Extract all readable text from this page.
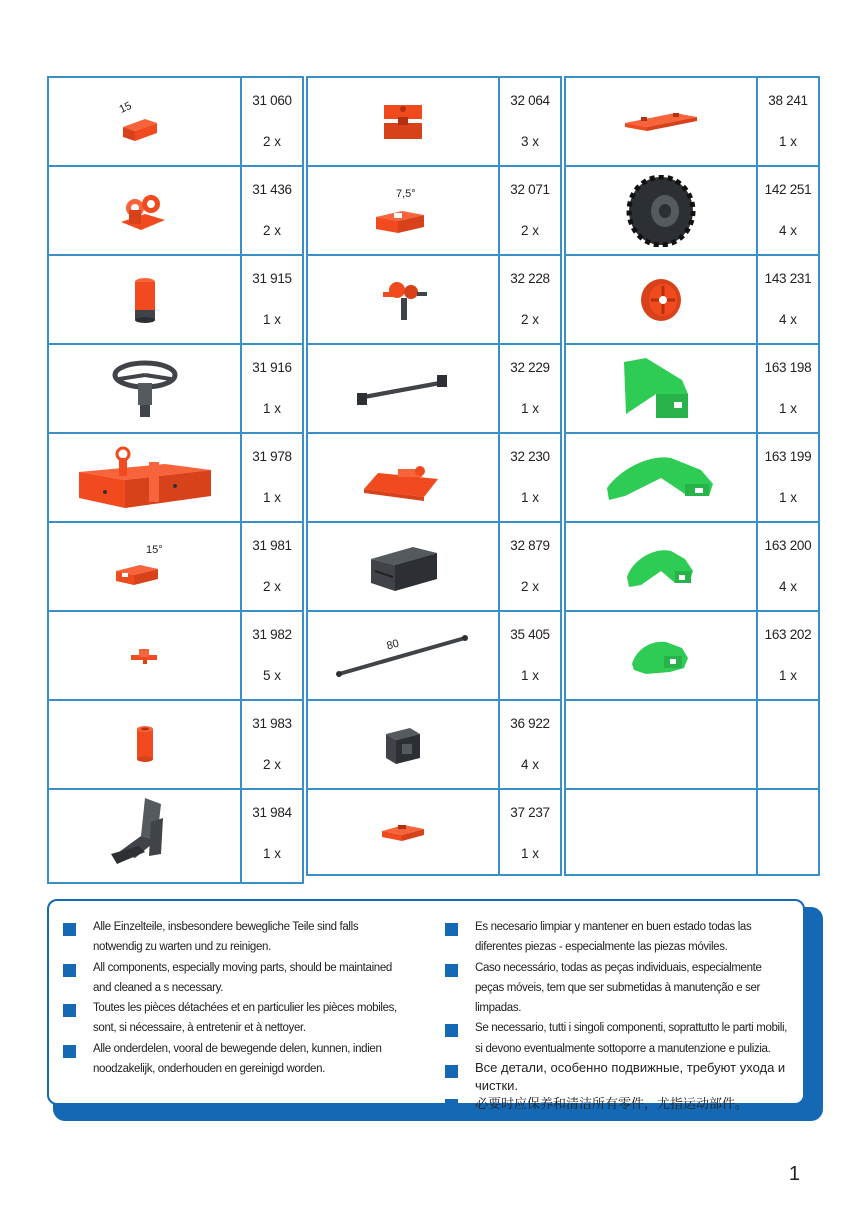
15	31 060
2 x
31 436
2 x
31 915
1 x
31 916
1 x
31 978
1 x
15°	31 981
2 x
31 982
5 x
31 983
2 x
31 984
1 x
32 064
3 x
7,5°	32 071
2 x
32 228
2 x
32 229
1 x
32 230
1 x
32 879
2 x
80
35 405
1 x
36 922
4 x
37 237
1 x
38 241
1 x
142 251
4 x
143 231
4 x
163 198
1 x
163 199
1 x
163 200
4 x
163 202
1 x
Alle Einzelteile, insbesondere bewegliche Teile sind falls notwendig zu warten und zu reinigen.
All components, especially moving parts, should be maintained and cleaned a s necessary.
Toutes les pièces détachées et en particulier les pièces mobiles, sont, si nécessaire, à entretenir et à nettoyer.
Alle onderdelen, vooral de bewegende delen, kunnen, indien noodzakelijk, onderhouden en gereinigd worden.
Es necesario limpiar y mantener en buen estado todas las diferentes piezas - especialmente las piezas móviles.
Caso necessário, todas as peças individuais, especialmente peças móveis, tem que ser submetidas à manutenção e ser limpadas.
Se necessario, tutti i singoli componenti, soprattutto le parti mobili, si devono eventualmente sottoporre a manutenzione e pulizia.
Все детали, особенно подвижные, требуют ухода и чистки.
必要时应保养和清洁所有零件，尤指运动部件。
1
